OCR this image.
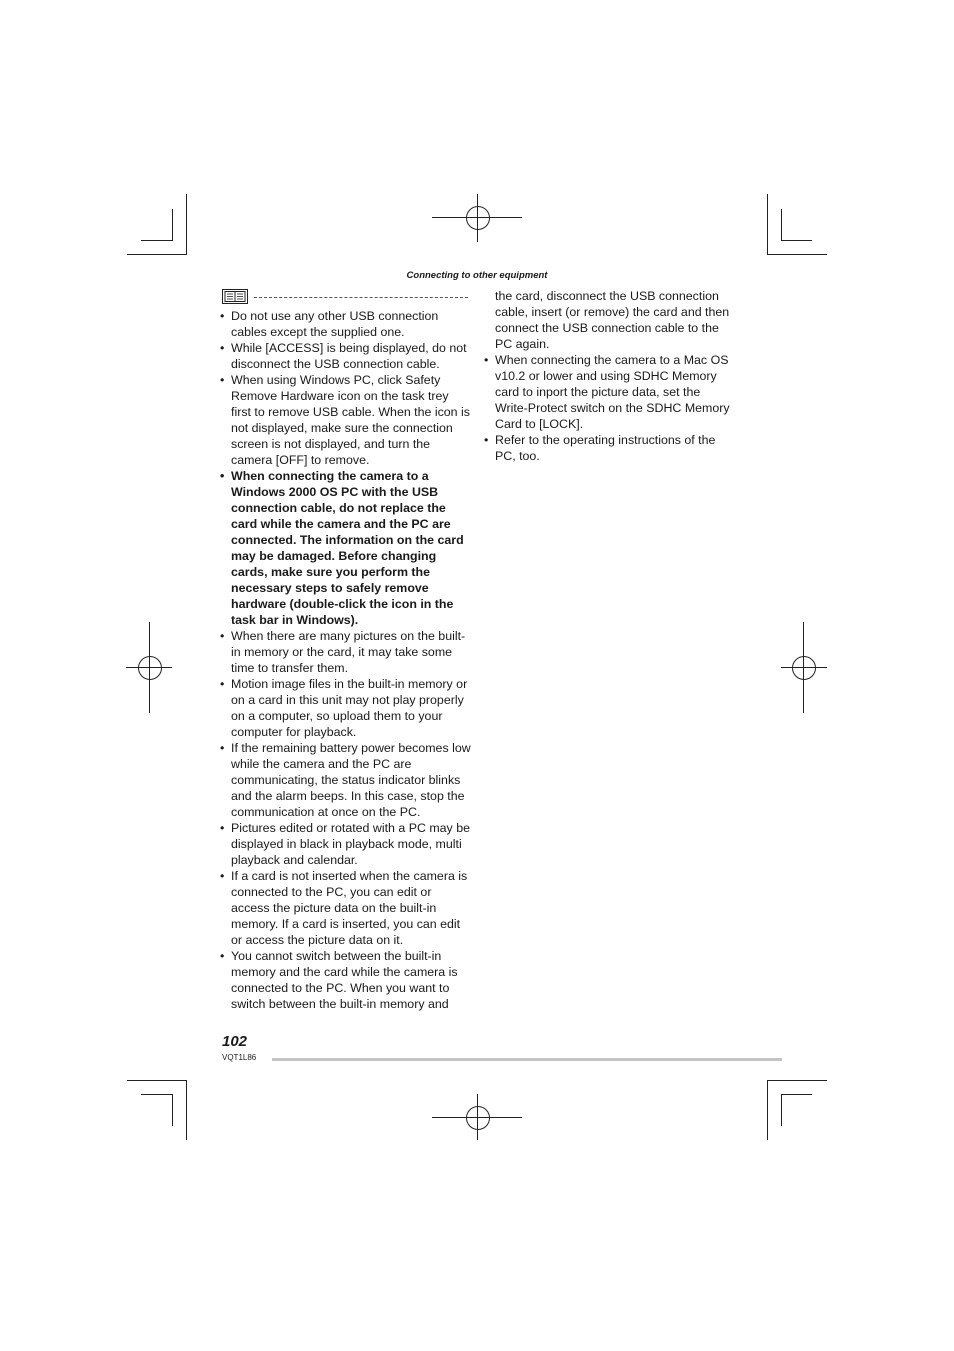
Connecting to other equipment

• Do not use any other USB connection cables except the supplied one.

• While [ACCESS] is being displayed, do not disconnect the USB connection cable.

• When using Windows PC, click Safety Remove Hardware icon on the task trey first to remove USB cable. When the icon is not displayed, make sure the connection screen is not displayed, and turn the camera [OFF] to remove.

• When connecting the camera to a Windows 2000 OS PC with the USB connection cable, do not replace the card while the camera and the PC are connected. The information on the card may be damaged. Before changing cards, make sure you perform the necessary steps to safely remove hardware (double-click the icon in the task bar in Windows).

• When there are many pictures on the built-in memory or the card, it may take some time to transfer them.

• Motion image files in the built-in memory or on a card in this unit may not play properly on a computer, so upload them to your computer for playback.

• If the remaining battery power becomes low while the camera and the PC are communicating, the status indicator blinks and the alarm beeps. In this case, stop the communication at once on the PC.

• Pictures edited or rotated with a PC may be displayed in black in playback mode, multi playback and calendar.

• If a card is not inserted when the camera is connected to the PC, you can edit or access the picture data on the built-in memory. If a card is inserted, you can edit or access the picture data on it.

• You cannot switch between the built-in memory and the card while the camera is connected to the PC. When you want to switch between the built-in memory and

the card, disconnect the USB connection cable, insert (or remove) the card and then connect the USB connection cable to the PC again.

• When connecting the camera to a Mac OS v10.2 or lower and using SDHC Memory card to inport the picture data, set the Write-Protect switch on the SDHC Memory Card to [LOCK].

• Refer to the operating instructions of the PC, too.

102
VQT1L86
